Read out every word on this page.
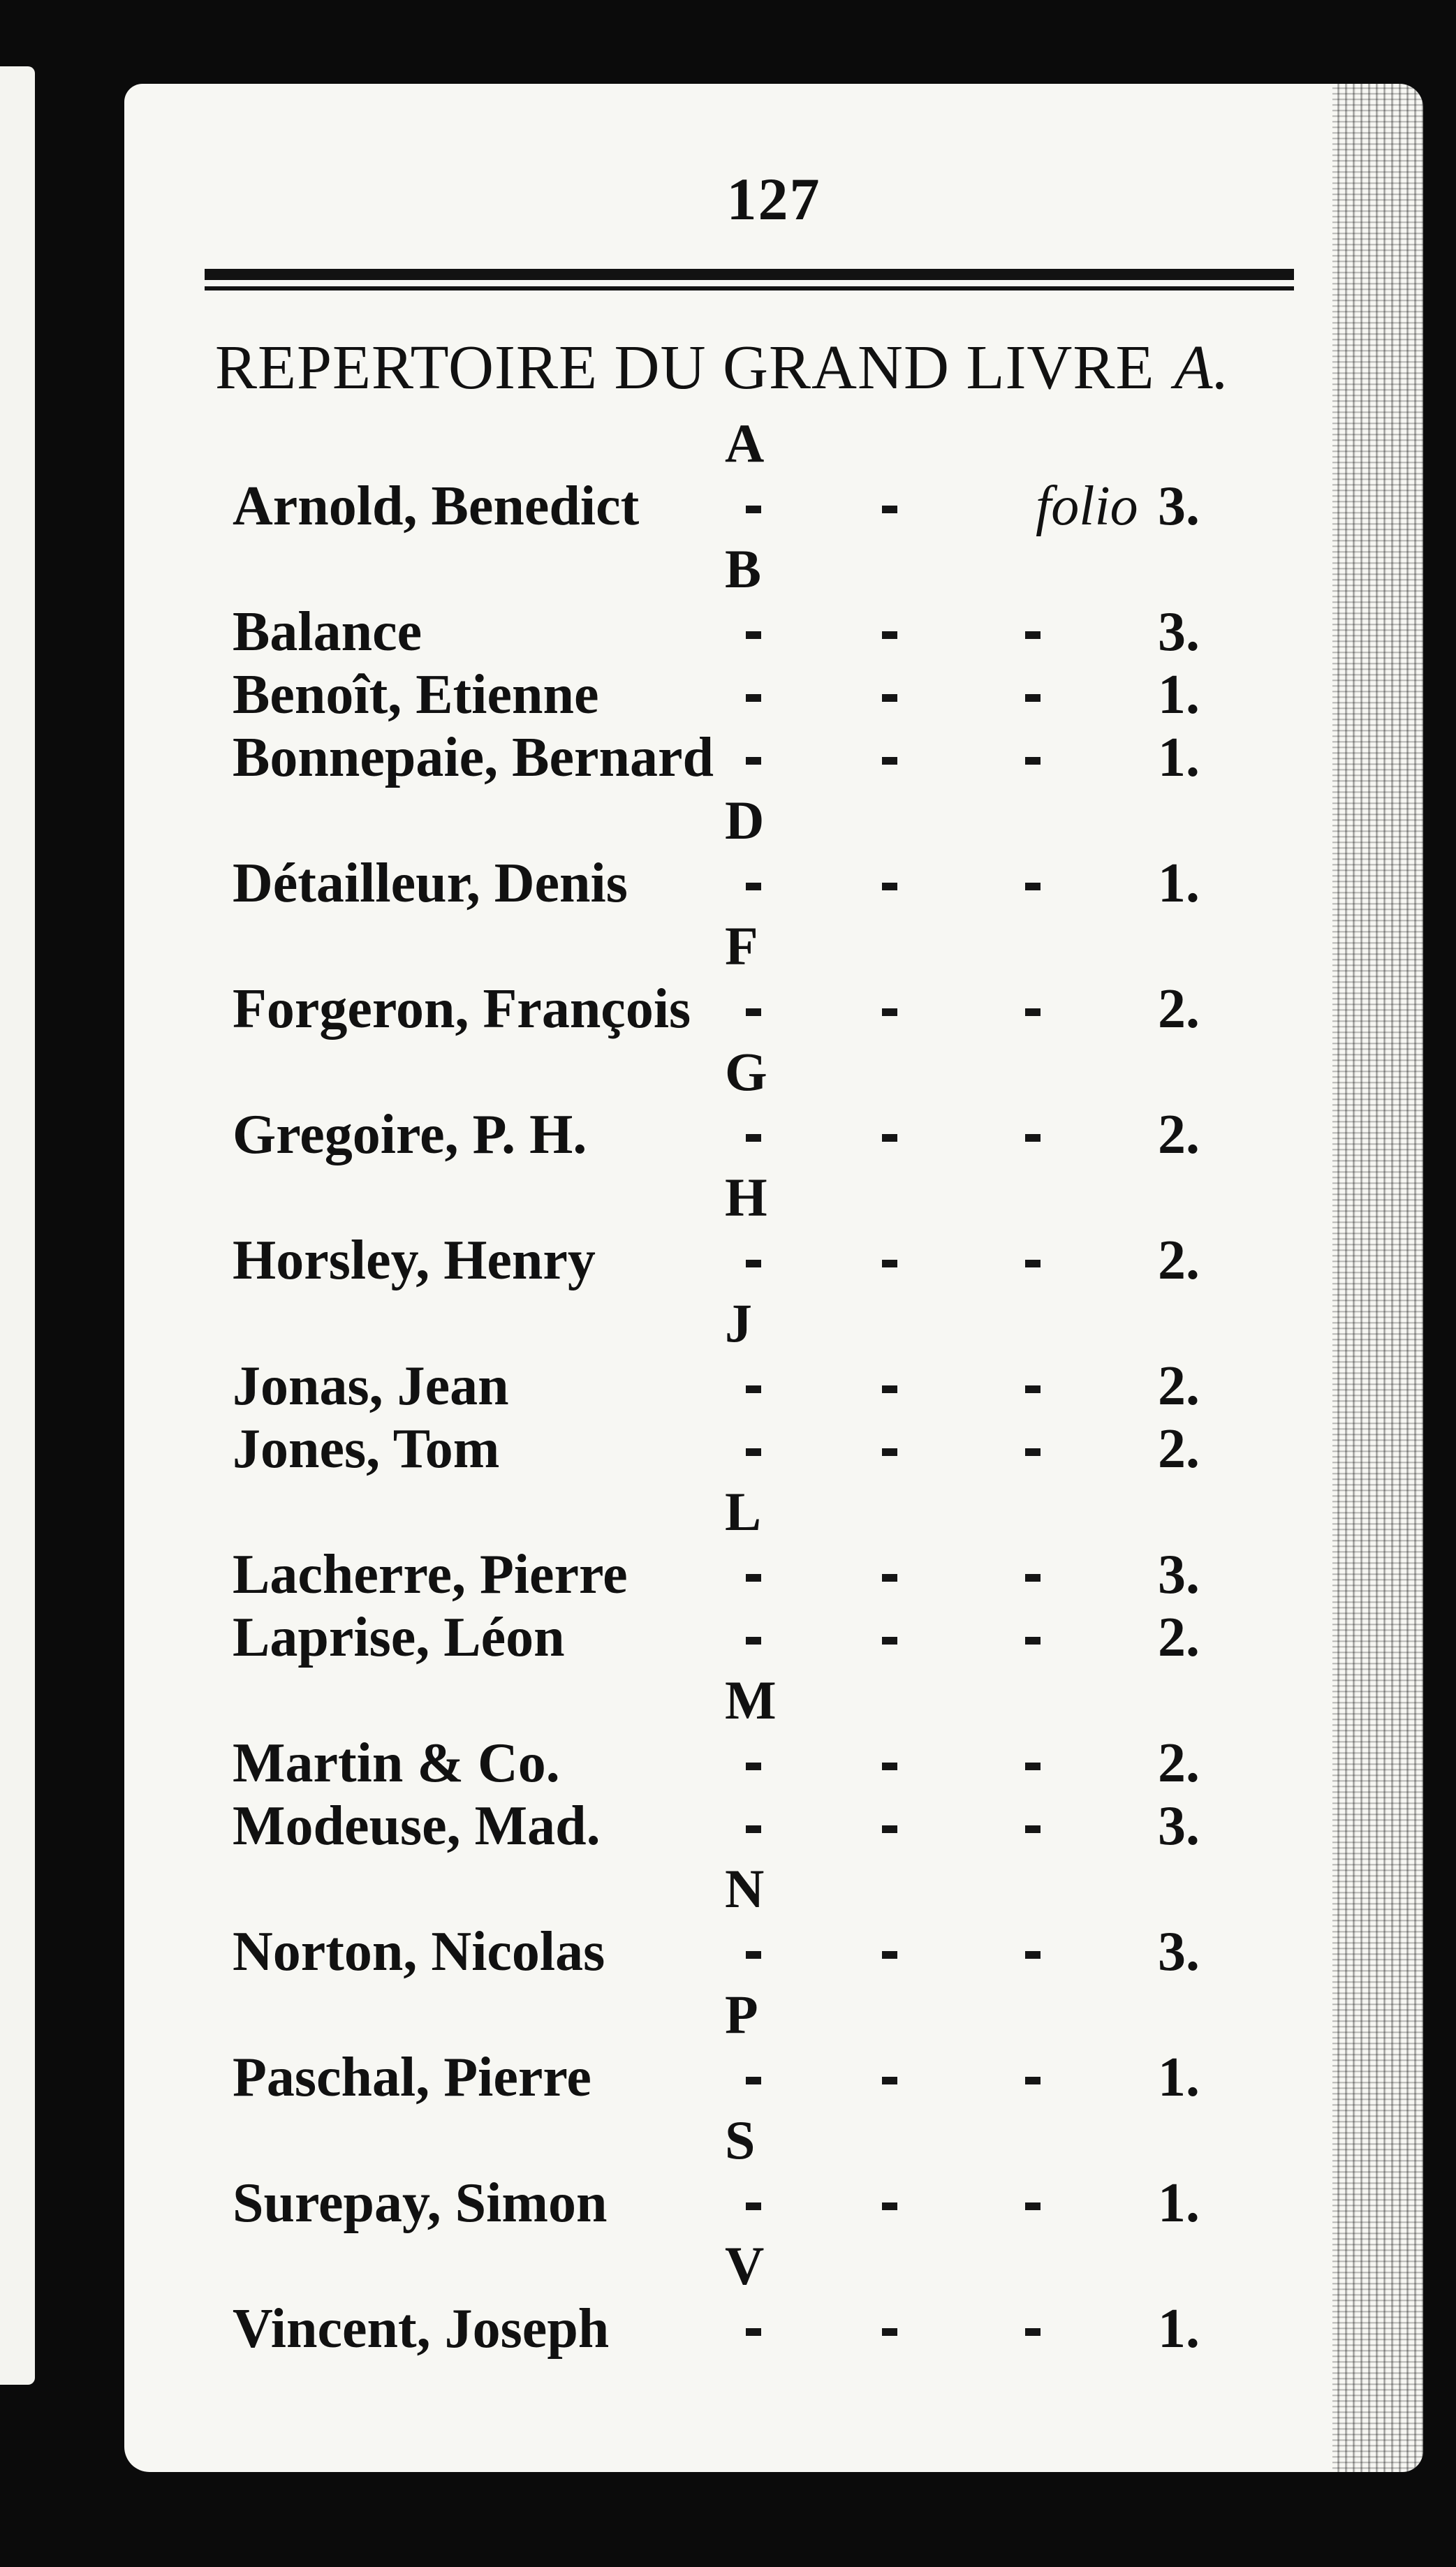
127
REPERTOIRE DU GRAND LIVRE A.
A
Arnold, Benedict	folio 3.
B
Balance	3.
Benoît, Etienne	1.
Bonnepaie, Bernard	1.
D
Détailleur, Denis	1.
F
Forgeron, François	2.
G
Gregoire, P. H.	2.
H
Horsley, Henry	2.
J
Jonas, Jean	2.
Jones, Tom	2.
L
Lacherre, Pierre	3.
Laprise, Léon	2.
M
Martin & Co.	2.
Modeuse, Mad.	3.
N
Norton, Nicolas	3.
P
Paschal, Pierre	1.
S
Surepay, Simon	1.
V
Vincent, Joseph	1.
